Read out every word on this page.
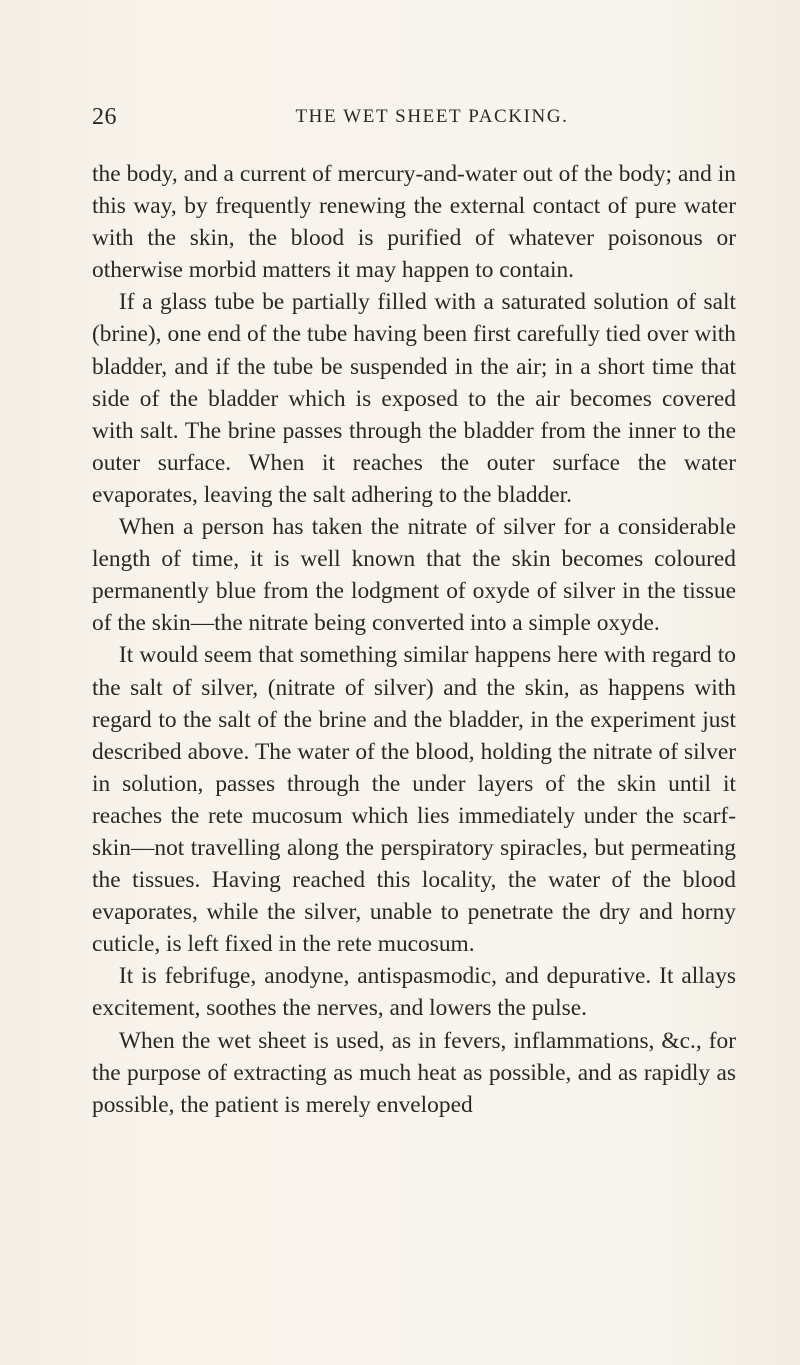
26	THE WET SHEET PACKING.

the body, and a current of mercury-and-water out of the body; and in this way, by frequently renewing the external contact of pure water with the skin, the blood is purified of whatever poisonous or otherwise morbid matters it may happen to contain.

If a glass tube be partially filled with a saturated solution of salt (brine), one end of the tube having been first carefully tied over with bladder, and if the tube be suspended in the air; in a short time that side of the bladder which is exposed to the air becomes covered with salt. The brine passes through the bladder from the inner to the outer surface. When it reaches the outer surface the water evaporates, leaving the salt adhering to the bladder.

When a person has taken the nitrate of silver for a considerable length of time, it is well known that the skin becomes coloured permanently blue from the lodgment of oxyde of silver in the tissue of the skin—the nitrate being converted into a simple oxyde.

It would seem that something similar happens here with regard to the salt of silver, (nitrate of silver) and the skin, as happens with regard to the salt of the brine and the bladder, in the experiment just described above. The water of the blood, holding the nitrate of silver in solution, passes through the under layers of the skin until it reaches the rete mucosum which lies immediately under the scarfskin—not travelling along the perspiratory spiracles, but permeating the tissues. Having reached this locality, the water of the blood evaporates, while the silver, unable to penetrate the dry and horny cuticle, is left fixed in the rete mucosum.

It is febrifuge, anodyne, antispasmodic, and depurative. It allays excitement, soothes the nerves, and lowers the pulse.

When the wet sheet is used, as in fevers, inflammations, &c., for the purpose of extracting as much heat as possible, and as rapidly as possible, the patient is merely enveloped
